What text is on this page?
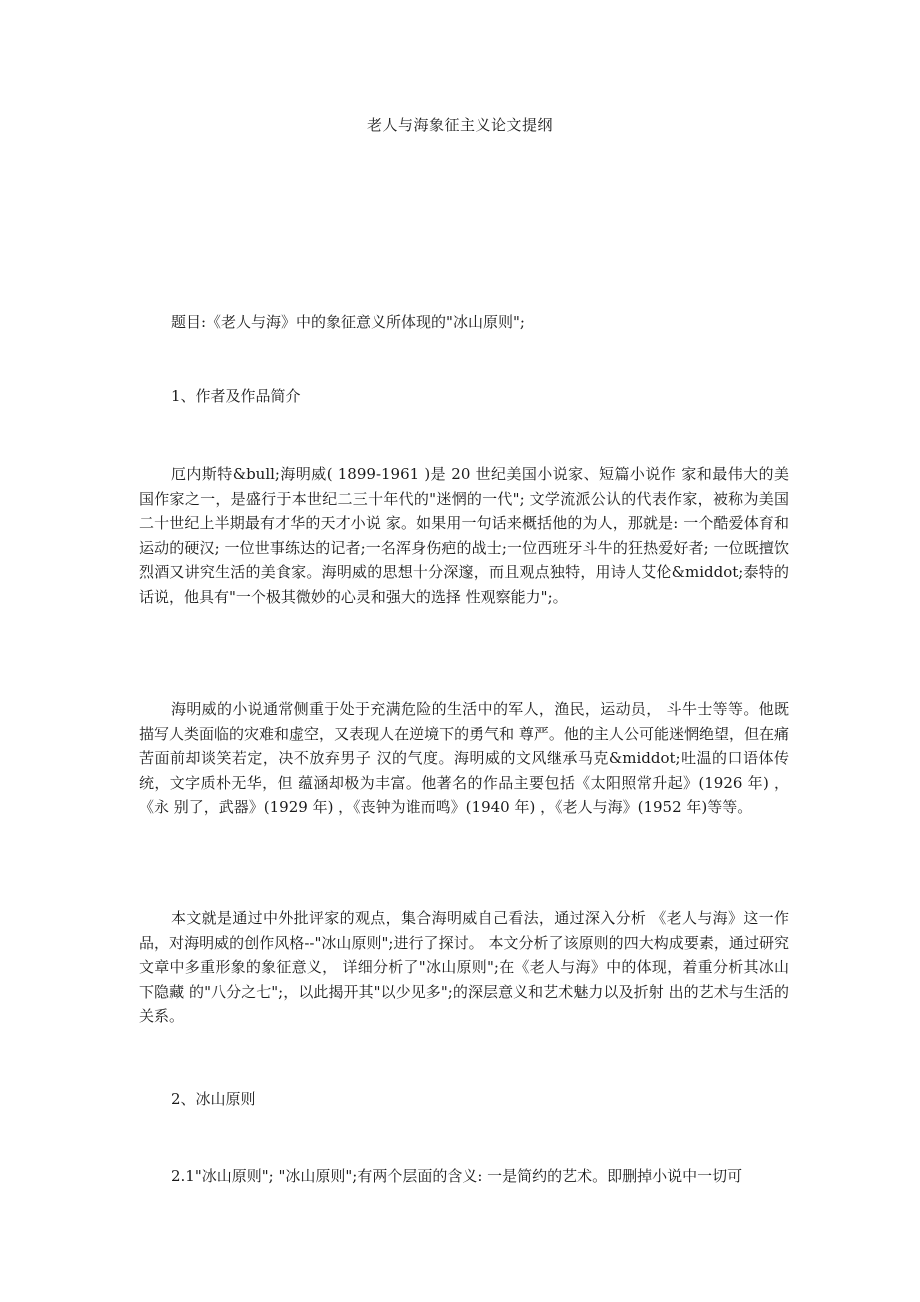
老人与海象征主义论文提纲
题目:《老人与海》中的象征意义所体现的"冰山原则";
1、作者及作品简介

厄内斯特&bull;海明威( 1899-1961 )是 20 世纪美国小说家、短篇小说作 家和最伟大的美国作家之一，是盛行于本世纪二三十年代的"迷惘的一代"; 文学流派公认的代表作家，被称为美国二十世纪上半期最有才华的天才小说 家。如果用一句话来概括他的为人，那就是: 一个酷爱体育和运动的硬汉; 一位世事练达的记者;一名浑身伤疤的战士;一位西班牙斗牛的狂热爱好者; 一位既擅饮烈酒又讲究生活的美食家。海明威的思想十分深邃，而且观点独特，用诗人艾伦&middot;泰特的话说，他具有"一个极其微妙的心灵和强大的选择 性观察能力";。

海明威的小说通常侧重于处于充满危险的生活中的军人，渔民，运动员， 斗牛士等等。他既描写人类面临的灾难和虚空，又表现人在逆境下的勇气和 尊严。他的主人公可能迷惘绝望，但在痛苦面前却谈笑若定，决不放弃男子 汉的气度。海明威的文风继承马克&middot;吐温的口语体传统，文字质朴无华，但 蕴涵却极为丰富。他著名的作品主要包括《太阳照常升起》(1926 年) ，《永 别了，武器》(1929 年) ，《丧钟为谁而鸣》(1940 年) ，《老人与海》(1952 年)等等。

本文就是通过中外批评家的观点，集合海明威自己看法，通过深入分析 《老人与海》这一作品，对海明威的创作风格--"冰山原则";进行了探讨。 本文分析了该原则的四大构成要素，通过研究文章中多重形象的象征意义， 详细分析了"冰山原则";在《老人与海》中的体现，着重分析其冰山下隐藏 的"八分之七";，以此揭开其"以少见多";的深层意义和艺术魅力以及折射 出的艺术与生活的关系。

2、冰山原则

2.1"冰山原则"; "冰山原则";有两个层面的含义: 一是简约的艺术。即删掉小说中一切可
